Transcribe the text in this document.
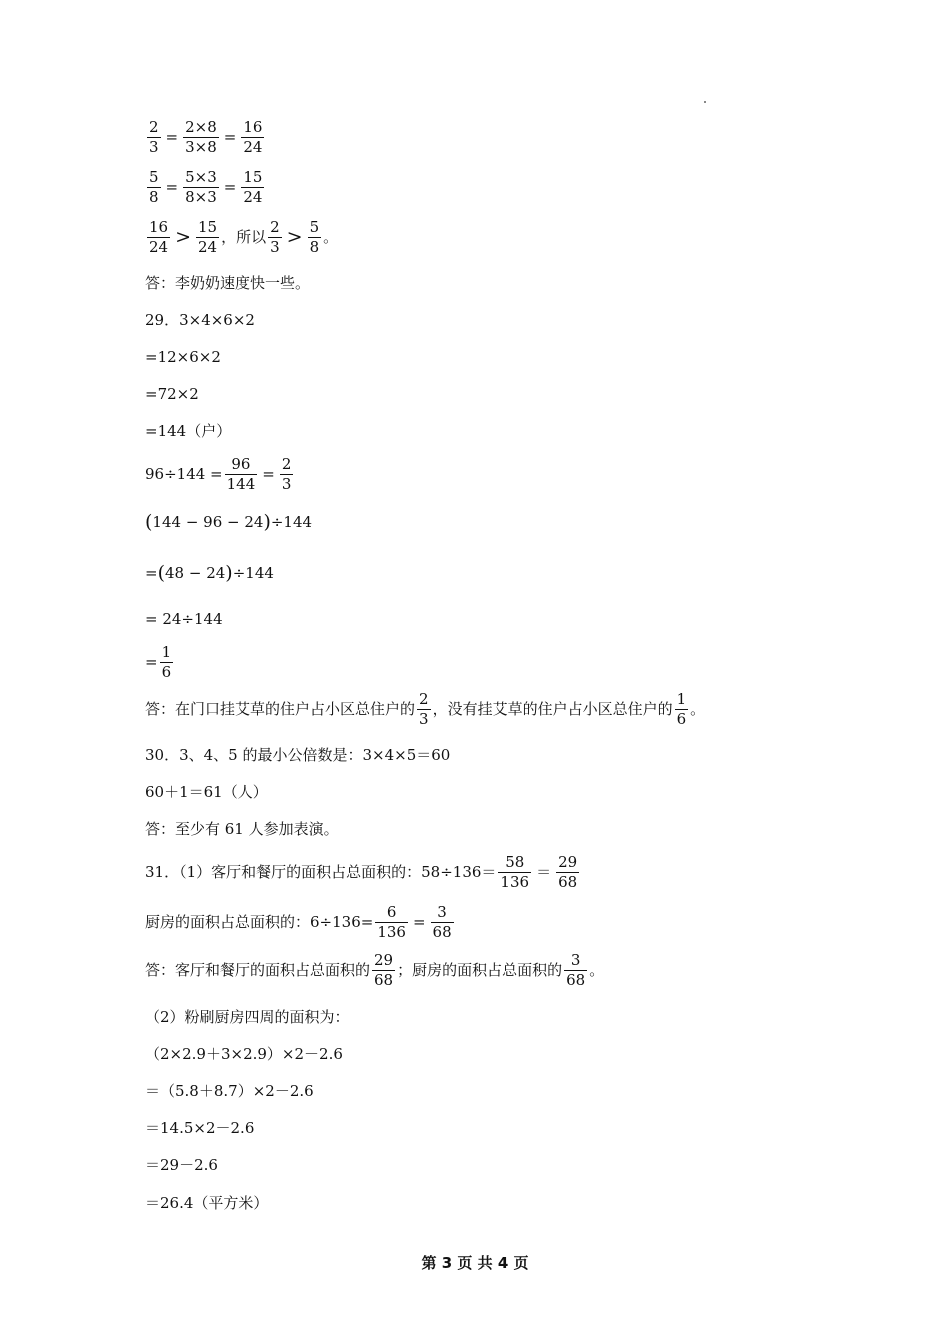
$\frac{2}{3} = \frac{2\times 8}{3\times 8} = \frac{16}{24}$
$\frac{5}{8} = \frac{5\times 3}{8\times 3} = \frac{15}{24}$
$\frac{16}{24} > \frac{15}{24}$ ，所以 $\frac{2}{3} > \frac{5}{8}$ 。
答：李奶奶速度快一些。
29．3×4×6×2
=12×6×2
=72×2
=144（户）
$96\div 144 = \frac{96}{144} = \frac{2}{3}$
( 144 − 96 − 24 ) ÷144
= ( 48 − 24 ) ÷144
= 24÷144
= $\frac{1}{6}$
答：在门口挂艾草的住户占小区总住户的 $\frac{2}{3}$ ，没有挂艾草的住户占小区总住户的 $\frac{1}{6}$ 。
30．3、4、5 的最小公倍数是：3×4×5＝60
60＋1＝61（人）
答：至少有 61 人参加表演。
31．（1）客厅和餐厅的面积占总面积的：$58\div 136= \frac{58}{136} = \frac{29}{68}$
厨房的面积占总面积的：$6\div 136= \frac{6}{136} = \frac{3}{68}$
答：客厅和餐厅的面积占总面积的 $\frac{29}{68}$ ；厨房的面积占总面积的 $\frac{3}{68}$ 。
（2）粉刷厨房四周的面积为：
（2×2.9＋3×2.9）×2－2.6
＝（5.8＋8.7）×2－2.6
＝14.5×2－2.6
＝29－2.6
＝26.4（平方米）
第 3 页 共 4 页
